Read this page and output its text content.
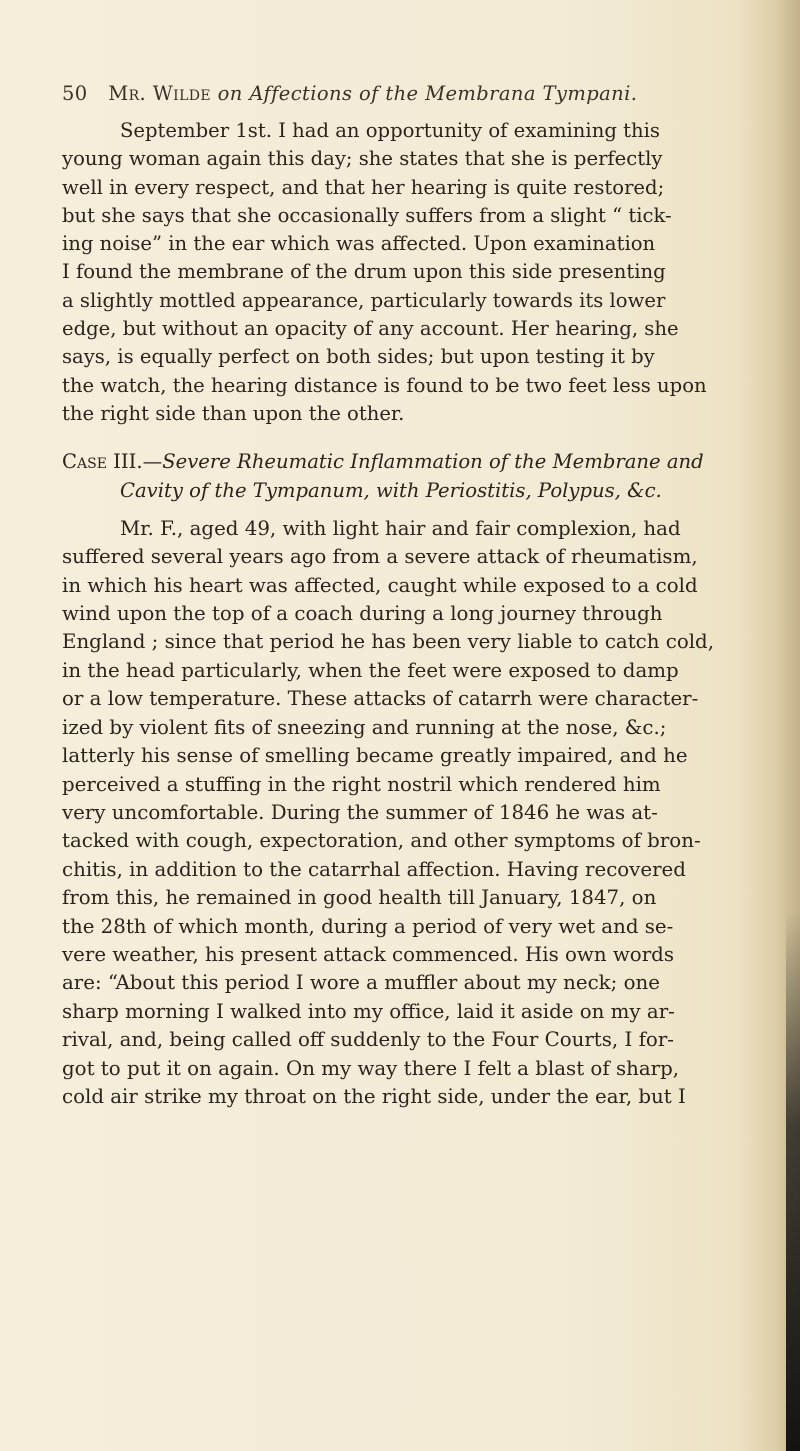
50 Mr. Wilde on Affections of the Membrana Tympani.

September 1st. I had an opportunity of examining this
young woman again this day; she states that she is perfectly
well in every respect, and that her hearing is quite restored;
but she says that she occasionally suffers from a slight “ tick-
ing noise” in the ear which was affected. Upon examination
I found the membrane of the drum upon this side presenting
a slightly mottled appearance, particularly towards its lower
edge, but without an opacity of any account. Her hearing, she
says, is equally perfect on both sides; but upon testing it by
the watch, the hearing distance is found to be two feet less upon
the right side than upon the other.

Case III.—Severe Rheumatic Inflammation of the Membrane and
Cavity of the Tympanum, with Periostitis, Polypus, &c.

Mr. F., aged 49, with light hair and fair complexion, had
suffered several years ago from a severe attack of rheumatism,
in which his heart was affected, caught while exposed to a cold
wind upon the top of a coach during a long journey through
England ; since that period he has been very liable to catch cold,
in the head particularly, when the feet were exposed to damp
or a low temperature. These attacks of catarrh were character-
ized by violent fits of sneezing and running at the nose, &c.;
latterly his sense of smelling became greatly impaired, and he
perceived a stuffing in the right nostril which rendered him
very uncomfortable. During the summer of 1846 he was at-
tacked with cough, expectoration, and other symptoms of bron-
chitis, in addition to the catarrhal affection. Having recovered
from this, he remained in good health till January, 1847, on
the 28th of which month, during a period of very wet and se-
vere weather, his present attack commenced. His own words
are: “About this period I wore a muffler about my neck; one
sharp morning I walked into my office, laid it aside on my ar-
rival, and, being called off suddenly to the Four Courts, I for-
got to put it on again. On my way there I felt a blast of sharp,
cold air strike my throat on the right side, under the ear, but I
